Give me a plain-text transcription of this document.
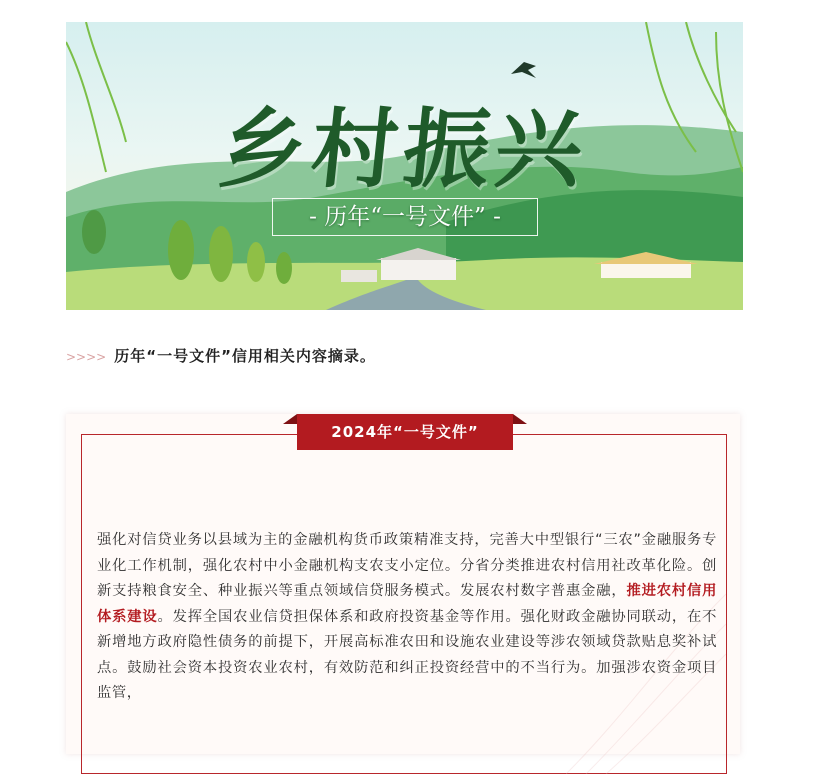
乡村振兴
- 历年“一号文件” -
>>>> 历年“一号文件”信用相关内容摘录。
2024年“一号文件”
强化对信贷业务以县域为主的金融机构货币政策精准支持，完善大中型银行“三农”金融服务专业化工作机制，强化农村中小金融机构支农支小定位。分省分类推进农村信用社改革化险。创新支持粮食安全、种业振兴等重点领域信贷服务模式。发展农村数字普惠金融，推进农村信用体系建设。发挥全国农业信贷担保体系和政府投资基金等作用。强化财政金融协同联动，在不新增地方政府隐性债务的前提下，开展高标准农田和设施农业建设等涉农领域贷款贴息奖补试点。鼓励社会资本投资农业农村，有效防范和纠正投资经营中的不当行为。加强涉农资金项目监管，
